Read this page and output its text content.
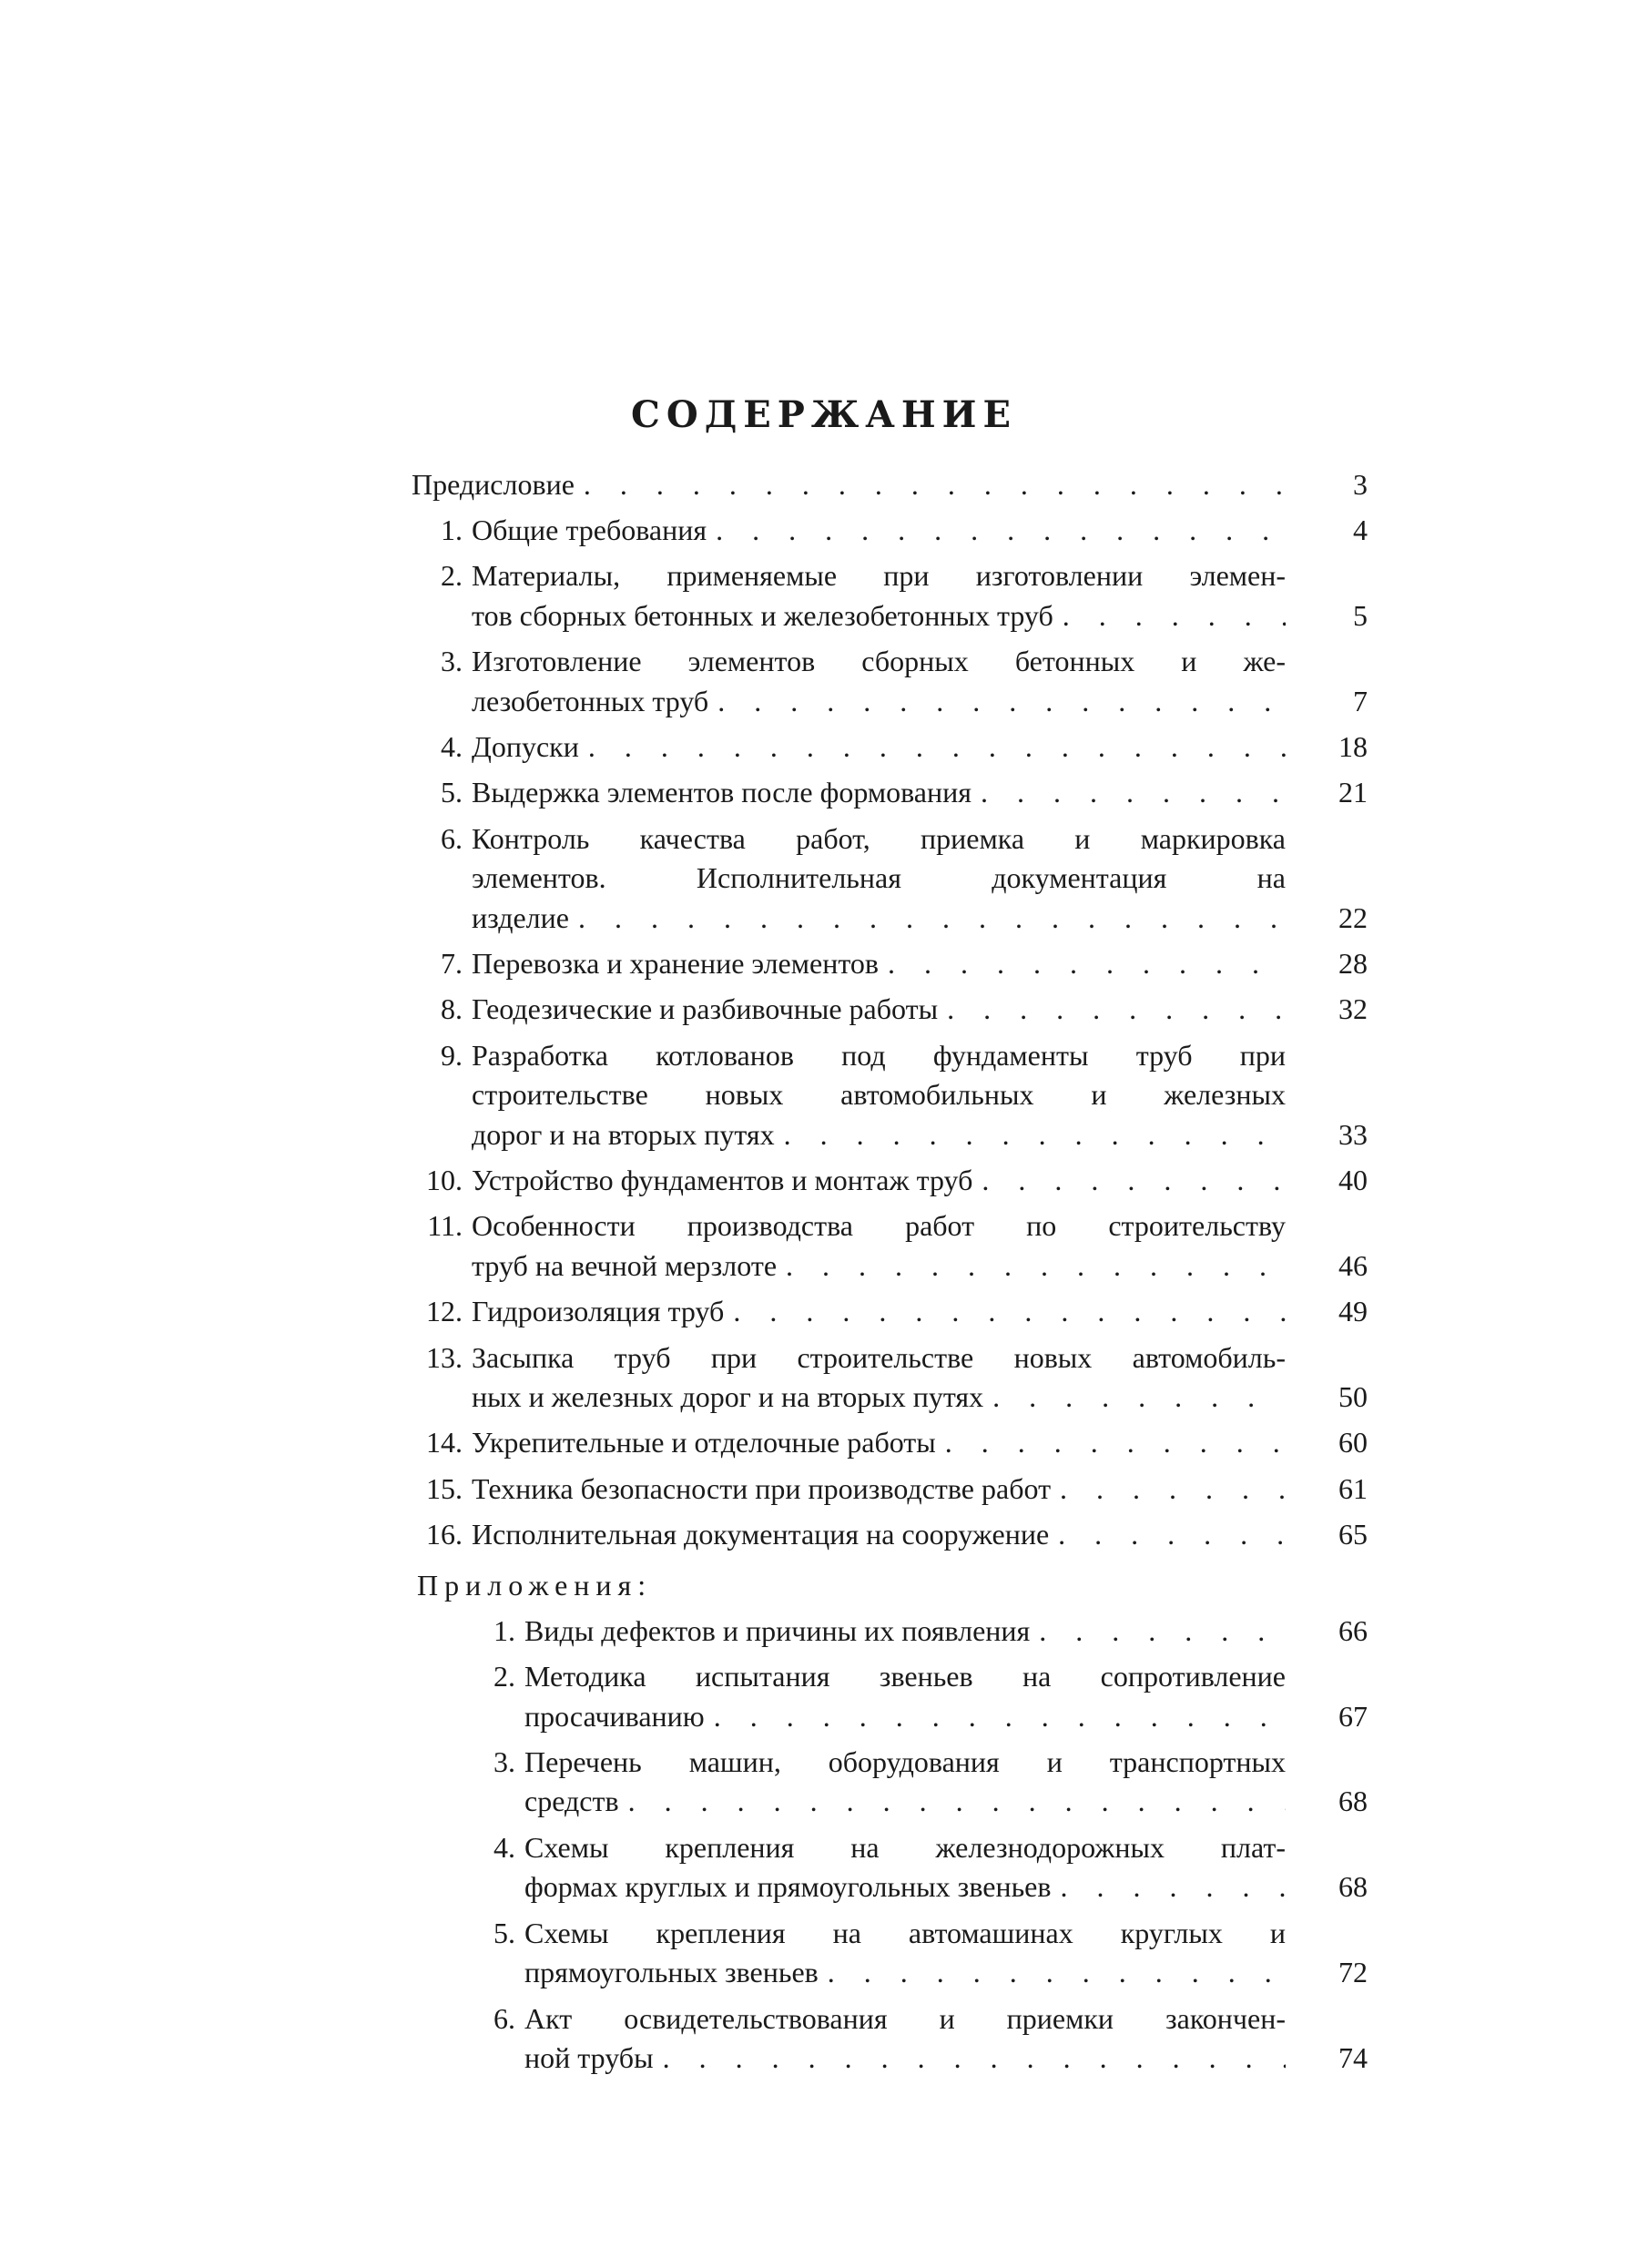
СОДЕРЖАНИЕ
Предисловие . . .	3
1. Общие требования . . .	4
2. Материалы, применяемые при изготовлении элемен-
тов сборных бетонных и железобетонных труб . . .	5
3. Изготовление элементов сборных бетонных и же-
лезобетонных труб . . .	7
4. Допуски . . .	18
5. Выдержка элементов после формования . . .	21
6. Контроль качества работ, приемка и маркировка
элементов. Исполнительная документация на
изделие . . .	22
7. Перевозка и хранение элементов . . .	28
8. Геодезические и разбивочные работы . . .	32
9. Разработка котлованов под фундаменты труб при
строительстве новых автомобильных и железных
дорог и на вторых путях . . .	33
10. Устройство фундаментов и монтаж труб . . .	40
11. Особенности производства работ по строительству
труб на вечной мерзлоте . . .	46
12. Гидроизоляция труб . . .	49
13. Засыпка труб при строительстве новых автомобиль-
ных и железных дорог и на вторых путях . . .	50
14. Укрепительные и отделочные работы . . .	60
15. Техника безопасности при производстве работ . . .	61
16. Исполнительная документация на сооружение . . .	65
Приложения:
1. Виды дефектов и причины их появления . . .	66
2. Методика испытания звеньев на сопротивление
просачиванию . . .	67
3. Перечень машин, оборудования и транспортных
средств . . .	68
4. Схемы крепления на железнодорожных плат-
формах круглых и прямоугольных звеньев . . .	68
5. Схемы крепления на автомашинах круглых и
прямоугольных звеньев . . .	72
6. Акт освидетельствования и приемки закончен-
ной трубы . . .	74
